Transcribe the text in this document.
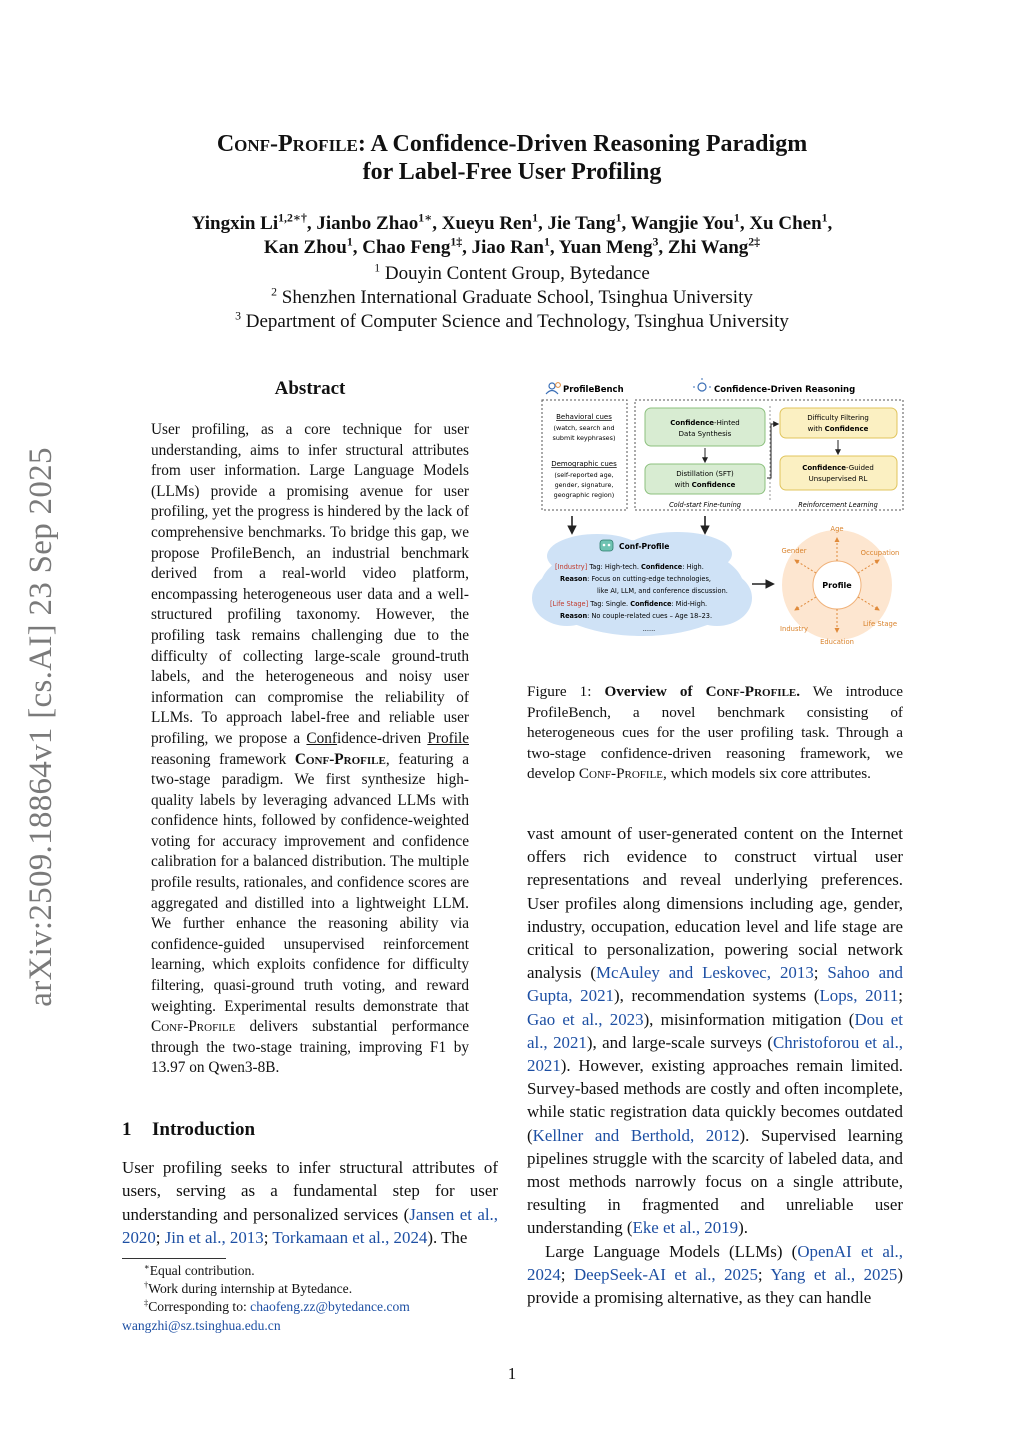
arXiv:2509.18864v1 [cs.AI] 23 Sep 2025
Conf-Profile: A Confidence-Driven Reasoning Paradigm
for Label-Free User Profiling
Yingxin $Li^{1,2∗\dagger}$, Jianbo Zhao$^{1∗}$, Xueyu Ren$^1$, Jie Tang$^1$, Wangjie You$^1$, Xu Chen$^1$,
Kan Zhou$^1$, Chao Feng$^{1\ddagger}$, Jiao Ran$^1$, Yuan Meng$^3$, Zhi Wang$^{2\ddagger}$
$^1$ Douyin Content Group, Bytedance
$^2$ Shenzhen International Graduate School, Tsinghua University
$^3$ Department of Computer Science and Technology, Tsinghua University
Abstract
User profiling, as a core technique for user understanding, aims to infer structural attributes from user information. Large Language Models (LLMs) provide a promising avenue for user profiling, yet the progress is hindered by the lack of comprehensive benchmarks. To bridge this gap, we propose ProfileBench, an industrial benchmark derived from a real-world video platform, encompassing heterogeneous user data and a well-structured profiling taxonomy. However, the profiling task remains challenging due to the difficulty of collecting large-scale ground-truth labels, and the heterogeneous and noisy user information can compromise the reliability of LLMs. To approach label-free and reliable user profiling, we propose a Confidence-driven Profile reasoning framework Conf-Profile, featuring a two-stage paradigm. We first synthesize high-quality labels by leveraging advanced LLMs with confidence hints, followed by confidence-weighted voting for accuracy improvement and confidence calibration for a balanced distribution. The multiple profile results, rationales, and confidence scores are aggregated and distilled into a lightweight LLM. We further enhance the reasoning ability via confidence-guided unsupervised reinforcement learning, which exploits confidence for difficulty filtering, quasi-ground truth voting, and reward weighting. Experimental results demonstrate that Conf-Profile delivers substantial performance through the two-stage training, improving F1 by 13.97 on Qwen3-8B.
1 Introduction
User profiling seeks to infer structural attributes of users, serving as a fundamental step for user understanding and personalized services (Jansen et al., 2020; Jin et al., 2013; Torkamaan et al., 2024). The
∗Equal contribution.
†Work during internship at Bytedance.
‡Corresponding to: chaofeng.zz@bytedance.com
wangzhi@sz.tsinghua.edu.cn
ProfileBench
Behavioral cues
(watch, search and
submit keyphrases)
Demographic cues
(self-reported age,
gender, signature,
geographic region)
Confidence-Driven Reasoning
Confidence-Hinted
Data Synthesis
Distillation (SFT)
with Confidence
Cold-start Fine-tuning
Difficulty Filtering
with Confidence
Confidence-Guided
Unsupervised RL
Reinforcement Learning
Conf-Profile
[Industry] Tag: High-tech. Confidence: High.
Reason: Focus on cutting-edge technologies,
like AI, LLM, and conference discussion.
[Life Stage] Tag: Single. Confidence: Mid-High.
Reason: No couple-related cues – Age 18–23.
......
Profile
Age
Occupation
Life Stage
Education
Industry
Gender
Figure 1: Overview of Conf-Profile. We introduce ProfileBench, a novel benchmark consisting of heterogeneous cues for the user profiling task. Through a two-stage confidence-driven reasoning framework, we develop Conf-Profile, which models six core attributes.
vast amount of user-generated content on the Internet offers rich evidence to construct virtual user representations and reveal underlying preferences. User profiles along dimensions including age, gender, industry, occupation, education level and life stage are critical to personalization, powering social network analysis (McAuley and Leskovec, 2013; Sahoo and Gupta, 2021), recommendation systems (Lops, 2011; Gao et al., 2023), misinformation mitigation (Dou et al., 2021), and large-scale surveys (Christoforou et al., 2021). However, existing approaches remain limited. Survey-based methods are costly and often incomplete, while static registration data quickly becomes outdated (Kellner and Berthold, 2012). Supervised learning pipelines struggle with the scarcity of labeled data, and most methods narrowly focus on a single attribute, resulting in fragmented and unreliable user understanding (Eke et al., 2019).
Large Language Models (LLMs) (OpenAI et al., 2024; DeepSeek-AI et al., 2025; Yang et al., 2025) provide a promising alternative, as they can handle
1
